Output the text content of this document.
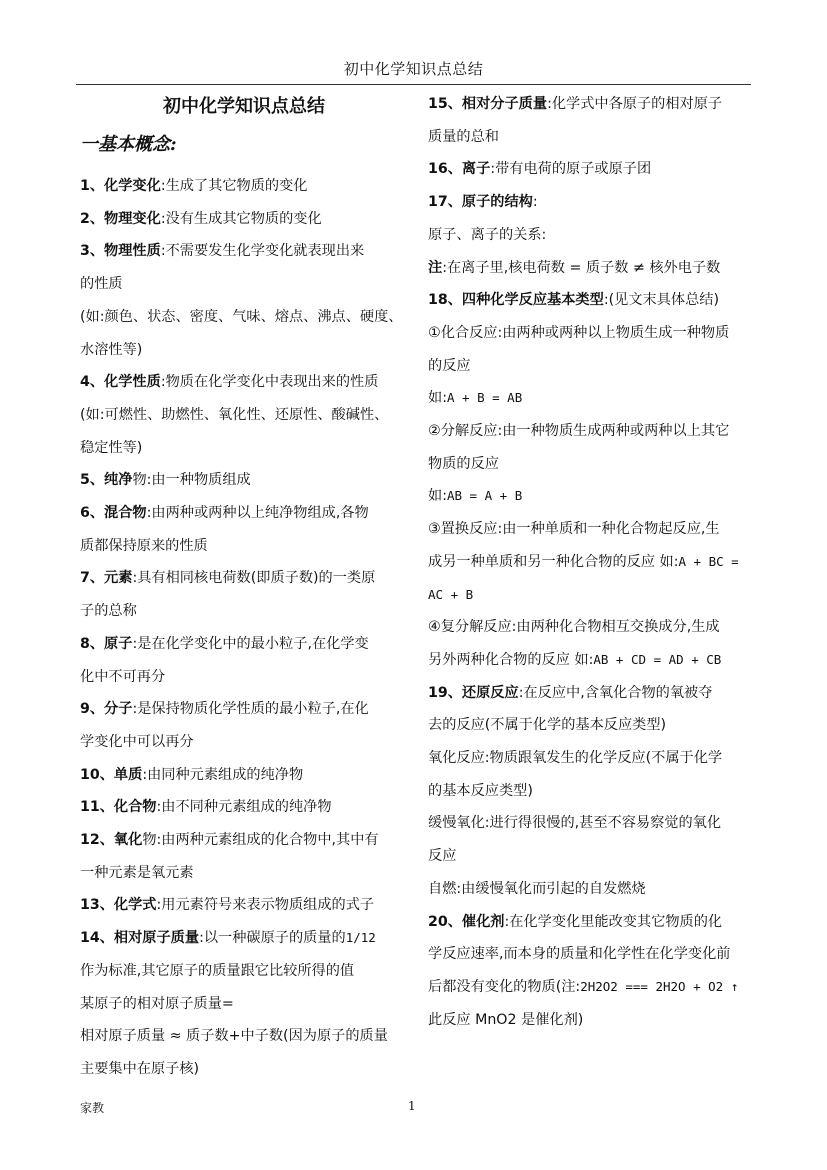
初中化学知识点总结

初中化学知识点总结

一基本概念:

1、化学变化:生成了其它物质的变化

2、物理变化:没有生成其它物质的变化

3、物理性质:不需要发生化学变化就表现出来

的性质

(如:颜色、状态、密度、气味、熔点、沸点、硬度、

水溶性等)

4、化学性质:物质在化学变化中表现出来的性质

(如:可燃性、助燃性、氧化性、还原性、酸碱性、

稳定性等)

5、纯净物:由一种物质组成

6、混合物:由两种或两种以上纯净物组成,各物

质都保持原来的性质

7、元素:具有相同核电荷数(即质子数)的一类原

子的总称

8、原子:是在化学变化中的最小粒子,在化学变

化中不可再分

9、分子:是保持物质化学性质的最小粒子,在化

学变化中可以再分

10、单质:由同种元素组成的纯净物

11、化合物:由不同种元素组成的纯净物

12、氧化物:由两种元素组成的化合物中,其中有

一种元素是氧元素

13、化学式:用元素符号来表示物质组成的式子

14、相对原子质量:以一种碳原子的质量的1/12

作为标准,其它原子的质量跟它比较所得的值

某原子的相对原子质量=

相对原子质量 ≈ 质子数+中子数(因为原子的质量

主要集中在原子核)

15、相对分子质量:化学式中各原子的相对原子

质量的总和

16、离子:带有电荷的原子或原子团

17、原子的结构:

原子、离子的关系:

注:在离子里,核电荷数 = 质子数 ≠ 核外电子数

18、四种化学反应基本类型:(见文末具体总结)

①化合反应:由两种或两种以上物质生成一种物质

的反应

如:A + B = AB

②分解反应:由一种物质生成两种或两种以上其它

物质的反应

如:AB = A + B

③置换反应:由一种单质和一种化合物起反应,生

成另一种单质和另一种化合物的反应 如:A + BC =

AC + B

④复分解反应:由两种化合物相互交换成分,生成

另外两种化合物的反应 如:AB + CD = AD + CB

19、还原反应:在反应中,含氧化合物的氧被夺

去的反应(不属于化学的基本反应类型)

氧化反应:物质跟氧发生的化学反应(不属于化学

的基本反应类型)

缓慢氧化:进行得很慢的,甚至不容易察觉的氧化

反应

自燃:由缓慢氧化而引起的自发燃烧

20、催化剂:在化学变化里能改变其它物质的化

学反应速率,而本身的质量和化学性在化学变化前

后都没有变化的物质(注:2H2O2 === 2H2O + O2 ↑

此反应 MnO2 是催化剂)

家教	1
